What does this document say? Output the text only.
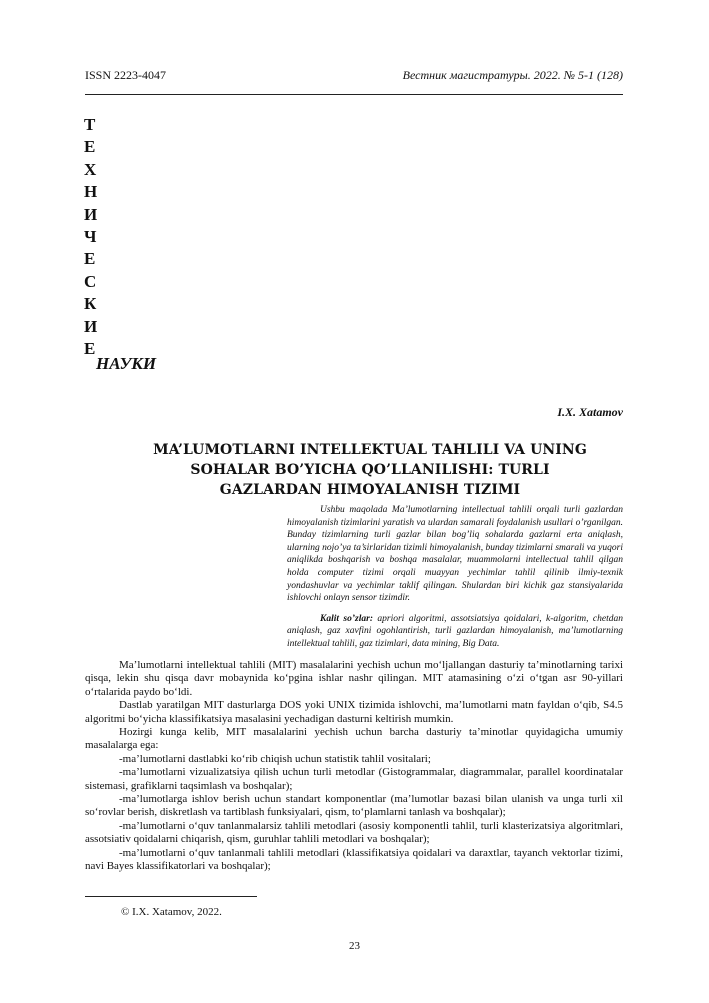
ISSN 2223-4047	Вестник магистратуры. 2022. № 5-1 (128)
Т
Е
Х
Н
И
Ч
Е
С
К
И
Е
НАУКИ
I.X. Xatamov
MA’LUMOTLARNI INTELLEKTUAL TAHLILI VA UNING
SOHALAR BO’YICHA QO’LLANILISHI: TURLI
GAZLARDAN HIMOYALANISH TIZIMI

Ushbu maqolada Ma’lumotlarning intellectual tahlili orqali turli gazlardan himoyalanish tizimlarini yaratish va ulardan samarali foydalanish usullari o’rganilgan. Bunday tizimlarning turli gazlar bilan bog’liq sohalarda gazlarni erta aniqlash, ularning nojo’ya ta’sirlaridan tizimli himoyalanish, bunday tizimlarni smarali va yuqori aniqlikda boshqarish va boshqa masalalar, muammolarni intellectual tahlil qilgan holda computer tizimi orqali muayyan yechimlar tahlil qilinib ilmiy-texnik yondashuvlar va yechimlar taklif qilingan. Shulardan biri kichik gaz stansiyalarida ishlovchi onlayn sensor tizimdir.

Kalit so’zlar: apriori algoritmi, assotsiatsiya qoidalari, k-algoritm, chetdan aniqlash, gaz xavfini ogohlantirish, turli gazlardan himoyalanish, ma’lumotlarning intellektual tahlili, gaz tizimlari, data mining, Big Data.

Ma’lumotlarni intellektual tahlili (MIT) masalalarini yechish uchun mo‘ljallangan dasturiy ta’minotlarning tarixi qisqa, lekin shu qisqa davr mobaynida ko‘pgina ishlar nashr qilingan. MIT atamasining o‘zi o‘tgan asr 90-yillari o‘rtalarida paydo bo‘ldi.

Dastlab yaratilgan MIT dasturlarga DOS yoki UNIX tizimida ishlovchi, ma’lumotlarni matn fayldan o‘qib, S4.5 algoritmi bo‘yicha klassifikatsiya masalasini yechadigan dasturni keltirish mumkin.

Hozirgi kunga kelib, MIT masalalarini yechish uchun barcha dasturiy ta’minotlar quyidagicha umumiy masalalarga ega:

-ma’lumotlarni dastlabki ko‘rib chiqish uchun statistik tahlil vositalari;

-ma’lumotlarni vizualizatsiya qilish uchun turli metodlar (Gistogrammalar, diagrammalar, parallel koordinatalar sistemasi, grafiklarni taqsimlash va boshqalar);

-ma’lumotlarga ishlov berish uchun standart komponentlar (ma’lumotlar bazasi bilan ulanish va unga turli xil so‘rovlar berish, diskretlash va tartiblash funksiyalari, qism, to‘plamlarni tanlash va boshqalar);

-ma’lumotlarni o‘quv tanlanmalarsiz tahlili metodlari (asosiy komponentli tahlil, turli klasterizatsiya algoritmlari, assotsiativ qoidalarni chiqarish, qism, guruhlar tahlili metodlari va boshqalar);

-ma’lumotlarni o‘quv tanlanmali tahlili metodlari (klassifikatsiya qoidalari va daraxtlar, tayanch vektorlar tizimi, navi Bayes klassifikatorlari va boshqalar);

© I.X. Xatamov, 2022.
23
